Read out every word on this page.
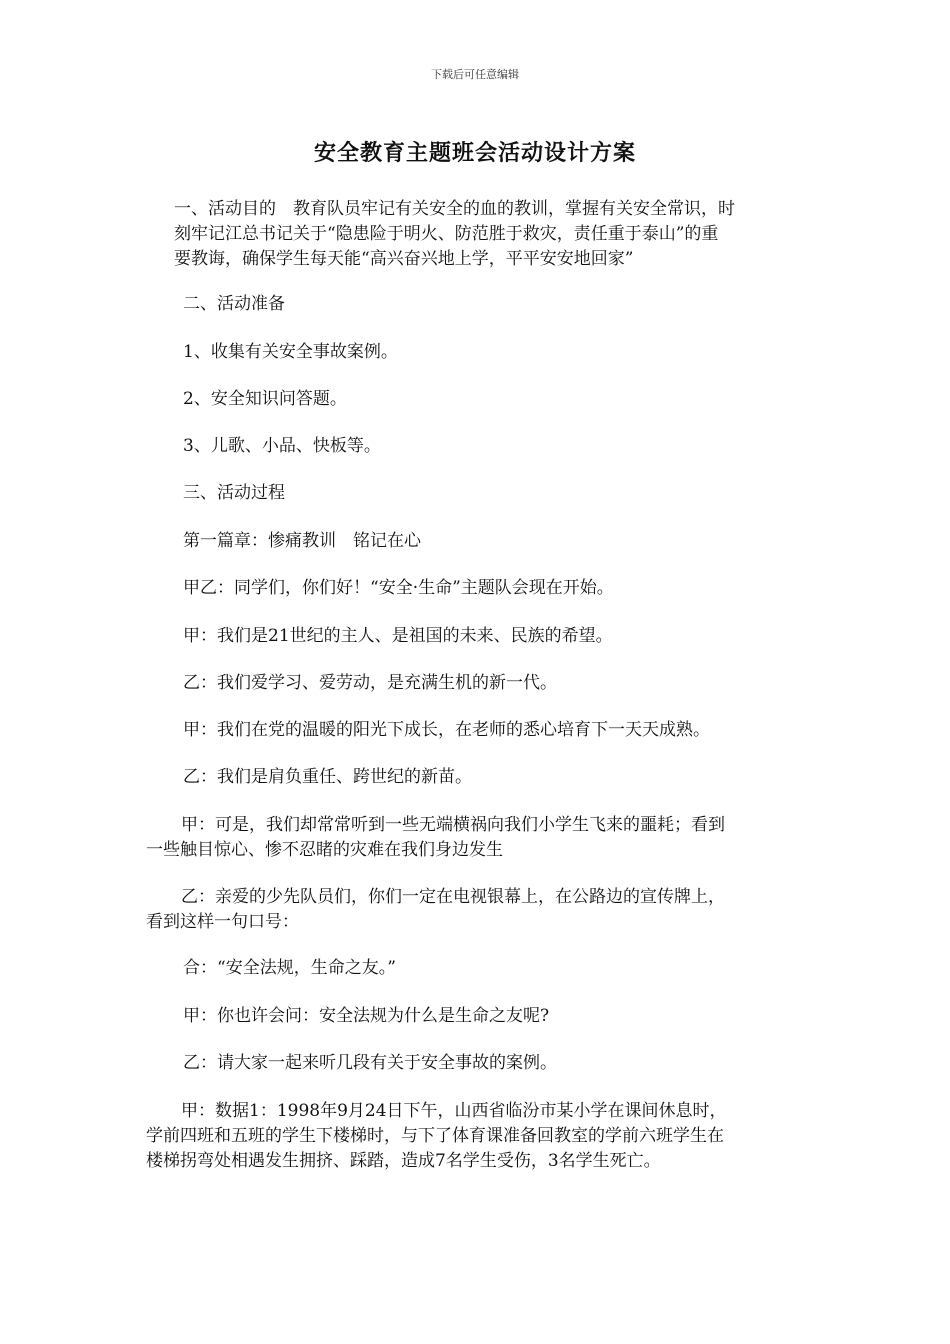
下载后可任意编辑
安全教育主题班会活动设计方案

一、活动目的　教育队员牢记有关安全的血的教训，掌握有关安全常识，时
刻牢记江总书记关于“隐患险于明火、防范胜于救灾，责任重于泰山”的重
要教诲，确保学生每天能“高兴奋兴地上学，平平安安地回家”

二、活动准备

1、收集有关安全事故案例。

2、安全知识问答题。

3、儿歌、小品、快板等。

三、活动过程

第一篇章：惨痛教训　铭记在心

甲乙：同学们，你们好！“安全·生命”主题队会现在开始。

甲：我们是21世纪的主人、是祖国的未来、民族的希望。

乙：我们爱学习、爱劳动，是充满生机的新一代。

甲：我们在党的温暖的阳光下成长，在老师的悉心培育下一天天成熟。

乙：我们是肩负重任、跨世纪的新苗。

甲：可是，我们却常常听到一些无端横祸向我们小学生飞来的噩耗；看到
一些触目惊心、惨不忍睹的灾难在我们身边发生

乙：亲爱的少先队员们，你们一定在电视银幕上，在公路边的宣传牌上，
看到这样一句口号：

合：“安全法规，生命之友。”

甲：你也许会问：安全法规为什么是生命之友呢?

乙：请大家一起来听几段有关于安全事故的案例。

甲：数据1：1998年9月24日下午，山西省临汾市某小学在课间休息时，
学前四班和五班的学生下楼梯时，与下了体育课准备回教室的学前六班学生在
楼梯拐弯处相遇发生拥挤、踩踏，造成7名学生受伤，3名学生死亡。
